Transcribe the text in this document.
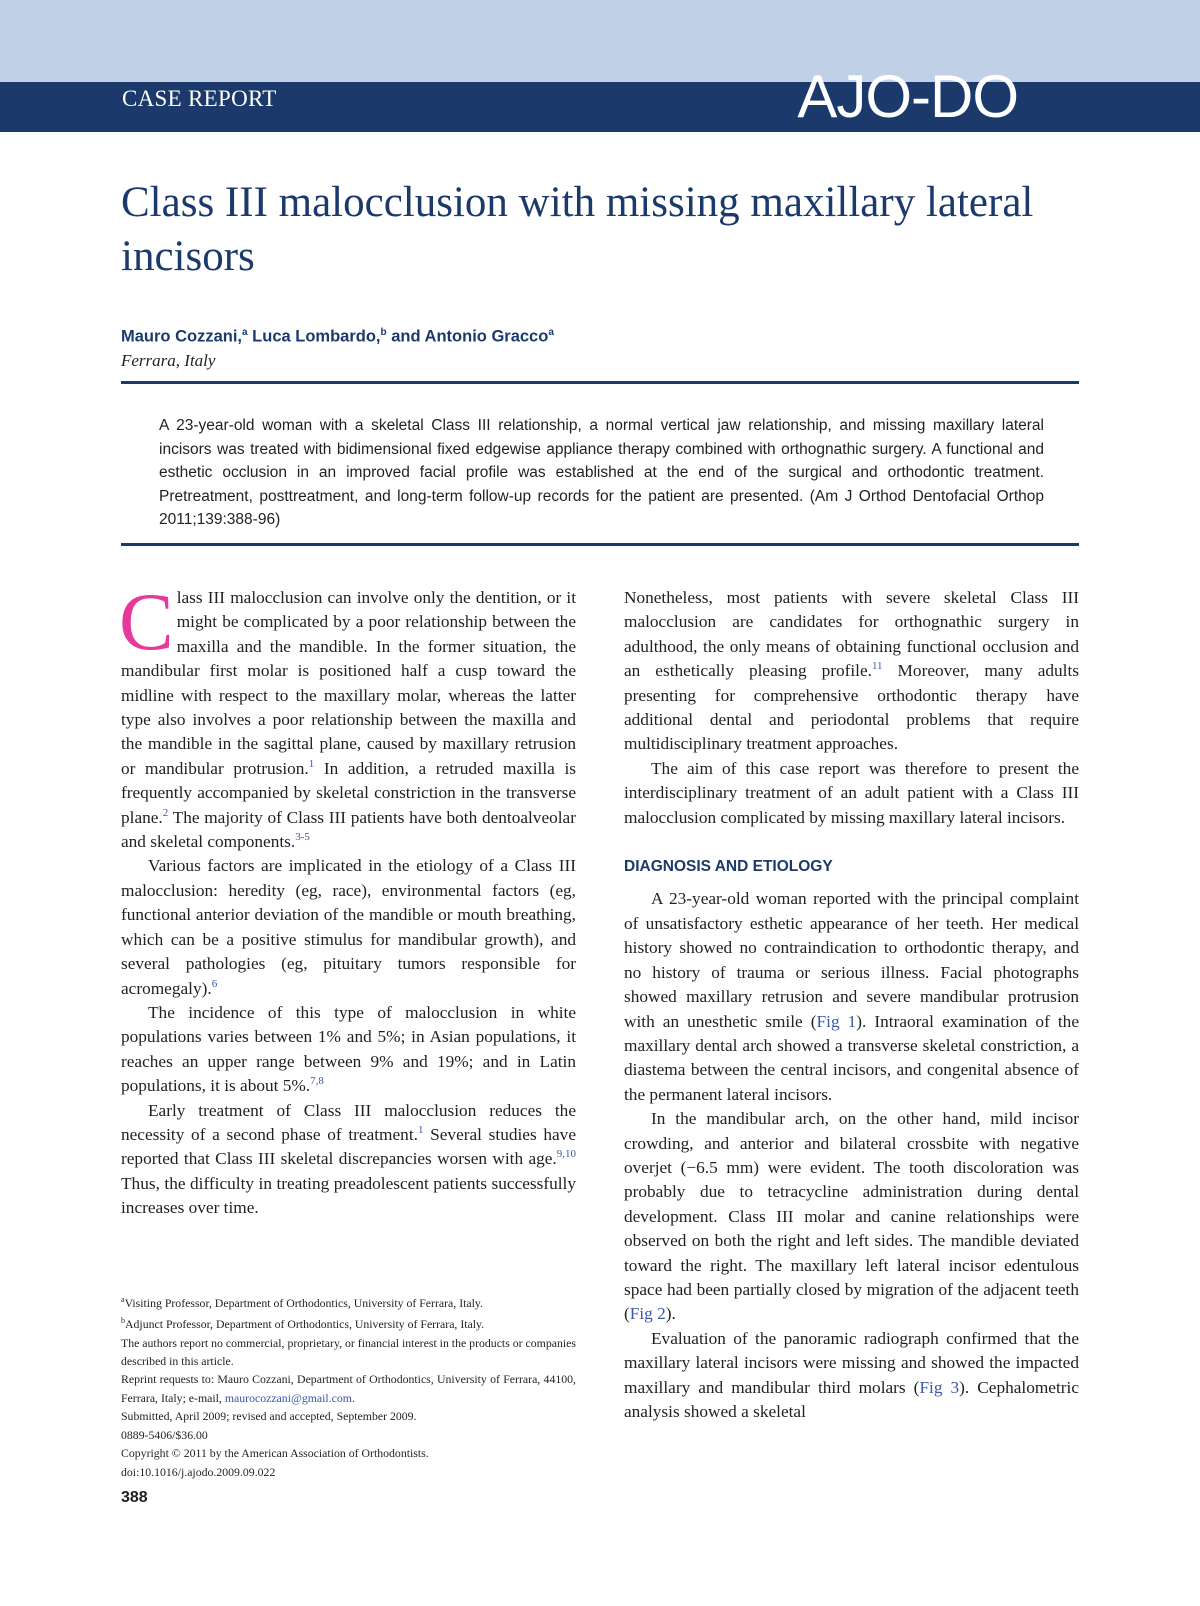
CASE REPORT	AJO-DO
Class III malocclusion with missing maxillary lateral incisors
Mauro Cozzani,$^a$ Luca Lombardo,$^b$ and Antonio Gracco$^a$
Ferrara, Italy
A 23-year-old woman with a skeletal Class III relationship, a normal vertical jaw relationship, and missing maxillary lateral incisors was treated with bidimensional fixed edgewise appliance therapy combined with orthognathic surgery. A functional and esthetic occlusion in an improved facial profile was established at the end of the surgical and orthodontic treatment. Pretreatment, posttreatment, and long-term follow-up records for the patient are presented. (Am J Orthod Dentofacial Orthop 2011;139:388-96)

Class III malocclusion can involve only the dentition, or it might be complicated by a poor relationship between the maxilla and the mandible. In the former situation, the mandibular first molar is positioned half a cusp toward the midline with respect to the maxillary molar, whereas the latter type also involves a poor relationship between the maxilla and the mandible in the sagittal plane, caused by maxillary retrusion or mandibular protrusion.$^1$ In addition, a retruded maxilla is frequently accompanied by skeletal constriction in the transverse plane.$^2$ The majority of Class III patients have both dentoalveolar and skeletal components.$^{3-5}$

Various factors are implicated in the etiology of a Class III malocclusion: heredity (eg, race), environmental factors (eg, functional anterior deviation of the mandible or mouth breathing, which can be a positive stimulus for mandibular growth), and several pathologies (eg, pituitary tumors responsible for acromegaly).$^6$

The incidence of this type of malocclusion in white populations varies between 1% and 5%; in Asian populations, it reaches an upper range between 9% and 19%; and in Latin populations, it is about 5%.$^{7,8}$

Early treatment of Class III malocclusion reduces the necessity of a second phase of treatment.$^1$ Several studies have reported that Class III skeletal discrepancies worsen with age.$^{9,10}$ Thus, the difficulty in treating preadolescent patients successfully increases over time.

Nonetheless, most patients with severe skeletal Class III malocclusion are candidates for orthognathic surgery in adulthood, the only means of obtaining functional occlusion and an esthetically pleasing profile.$^{11}$ Moreover, many adults presenting for comprehensive orthodontic therapy have additional dental and periodontal problems that require multidisciplinary treatment approaches.

The aim of this case report was therefore to present the interdisciplinary treatment of an adult patient with a Class III malocclusion complicated by missing maxillary lateral incisors.

DIAGNOSIS AND ETIOLOGY

A 23-year-old woman reported with the principal complaint of unsatisfactory esthetic appearance of her teeth. Her medical history showed no contraindication to orthodontic therapy, and no history of trauma or serious illness. Facial photographs showed maxillary retrusion and severe mandibular protrusion with an unesthetic smile (Fig 1). Intraoral examination of the maxillary dental arch showed a transverse skeletal constriction, a diastema between the central incisors, and congenital absence of the permanent lateral incisors.

In the mandibular arch, on the other hand, mild incisor crowding, and anterior and bilateral crossbite with negative overjet (−6.5 mm) were evident. The tooth discoloration was probably due to tetracycline administration during dental development. Class III molar and canine relationships were observed on both the right and left sides. The mandible deviated toward the right. The maxillary left lateral incisor edentulous space had been partially closed by migration of the adjacent teeth (Fig 2).

Evaluation of the panoramic radiograph confirmed that the maxillary lateral incisors were missing and showed the impacted maxillary and mandibular third molars (Fig 3). Cephalometric analysis showed a skeletal

$^a$Visiting Professor, Department of Orthodontics, University of Ferrara, Italy.
$^b$Adjunct Professor, Department of Orthodontics, University of Ferrara, Italy.
The authors report no commercial, proprietary, or financial interest in the products or companies described in this article.
Reprint requests to: Mauro Cozzani, Department of Orthodontics, University of Ferrara, 44100, Ferrara, Italy; e-mail, maurocozzani@gmail.com.
Submitted, April 2009; revised and accepted, September 2009.
0889-5406/$36.00
Copyright © 2011 by the American Association of Orthodontists.
doi:10.1016/j.ajodo.2009.09.022
388
